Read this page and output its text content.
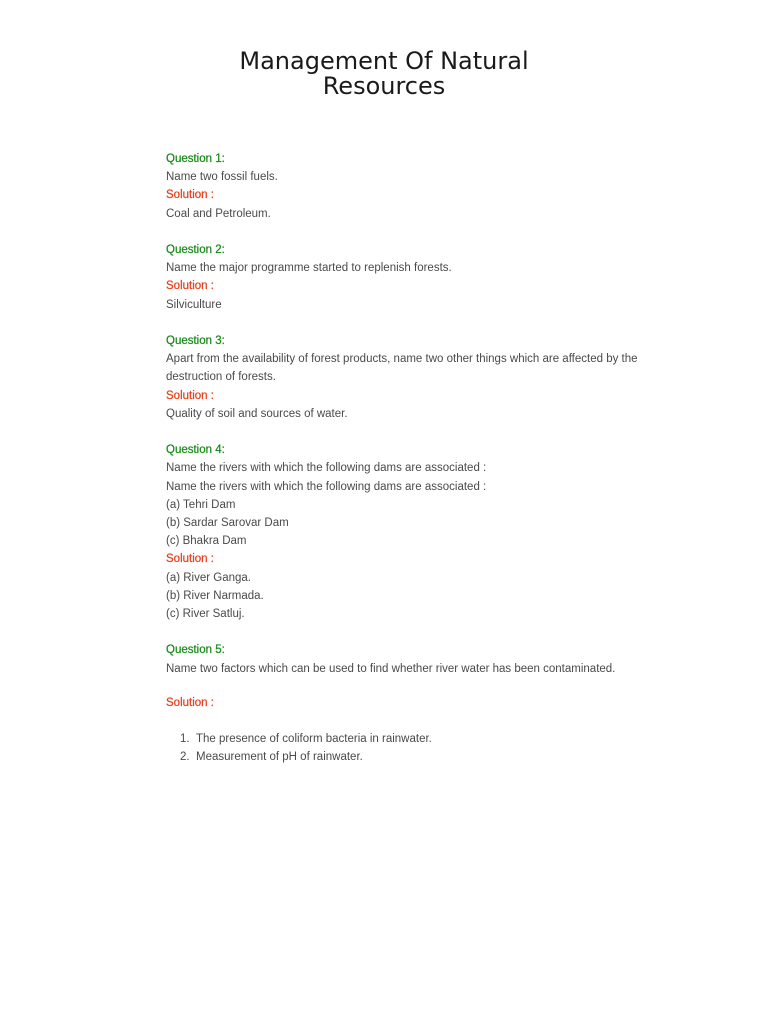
Management Of Natural
Resources
Question 1:
Name two fossil fuels.
Solution :
Coal and Petroleum.
Question 2:
Name the major programme started to replenish forests.
Solution :
Silviculture
Question 3:
Apart from the availability of forest products, name two other things which are affected by the
destruction of forests.
Solution :
Quality of soil and sources of water.
Question 4:
Name the rivers with which the following dams are associated :
Name the rivers with which the following dams are associated :
(a) Tehri Dam
(b) Sardar Sarovar Dam
(c) Bhakra Dam
Solution :
(a) River Ganga.
(b) River Narmada.
(c) River Satluj.
Question 5:
Name two factors which can be used to find whether river water has been contaminated.
Solution :
1. The presence of coliform bacteria in rainwater.
2. Measurement of pH of rainwater.
